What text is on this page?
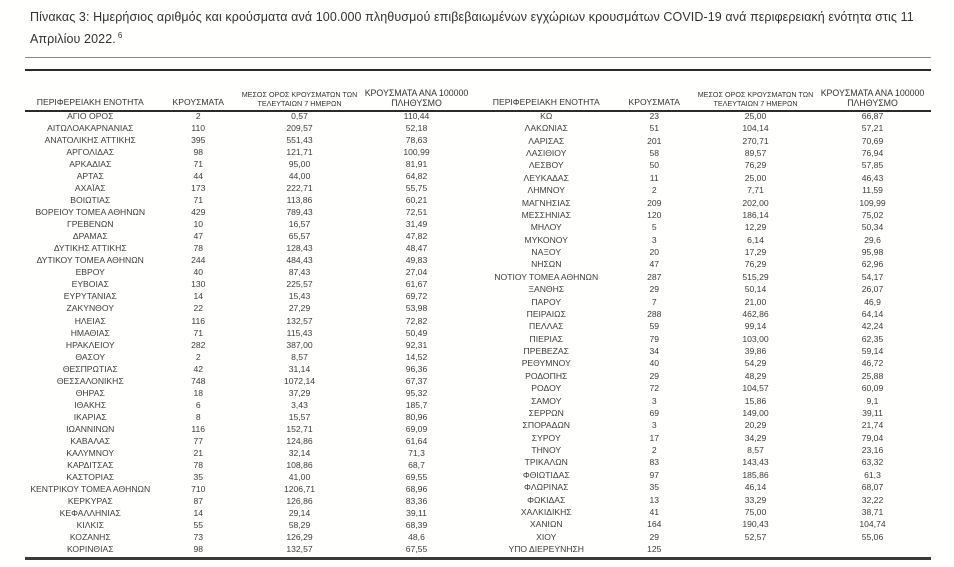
Πίνακας 3: Ημερήσιος αριθμός και κρούσματα ανά 100.000 πληθυσμού επιβεβαιωμένων εγχώριων κρουσμάτων COVID-19 ανά περιφερειακή ενότητα στις 11 Απριλίου 2022. $^6$
ΠΕΡΙΦΕΡΕΙΑΚΗ ΕΝΟΤΗΤΑ	ΚΡΟΥΣΜΑΤΑ	ΜΕΣΟΣ ΟΡΟΣ ΚΡΟΥΣΜΑΤΩΝ ΤΩΝ ΤΕΛΕΥΤΑΙΩΝ 7 ΗΜΕΡΩΝ	ΚΡΟΥΣΜΑΤΑ ΑΝΑ 100000 ΠΛΗΘΥΣΜΟ
ΑΓΙΟ ΟΡΟΣ	2	0,57	110,44
ΑΙΤΩΛΟΑΚΑΡΝΑΝΙΑΣ	110	209,57	52,18
ΑΝΑΤΟΛΙΚΗΣ ΑΤΤΙΚΗΣ	395	551,43	78,63
ΑΡΓΟΛΙΔΑΣ	98	121,71	100,99
ΑΡΚΑΔΙΑΣ	71	95,00	81,91
ΑΡΤΑΣ	44	44,00	64,82
ΑΧΑΪΑΣ	173	222,71	55,75
ΒΟΙΩΤΙΑΣ	71	113,86	60,21
ΒΟΡΕΙΟΥ ΤΟΜΕΑ ΑΘΗΝΩΝ	429	789,43	72,51
ΓΡΕΒΕΝΩΝ	10	16,57	31,49
ΔΡΑΜΑΣ	47	65,57	47,82
ΔΥΤΙΚΗΣ ΑΤΤΙΚΗΣ	78	128,43	48,47
ΔΥΤΙΚΟΥ ΤΟΜΕΑ ΑΘΗΝΩΝ	244	484,43	49,83
ΕΒΡΟΥ	40	87,43	27,04
ΕΥΒΟΙΑΣ	130	225,57	61,67
ΕΥΡΥΤΑΝΙΑΣ	14	15,43	69,72
ΖΑΚΥΝΘΟΥ	22	27,29	53,98
ΗΛΕΙΑΣ	116	132,57	72,82
ΗΜΑΘΙΑΣ	71	115,43	50,49
ΗΡΑΚΛΕΙΟΥ	282	387,00	92,31
ΘΑΣΟΥ	2	8,57	14,52
ΘΕΣΠΡΩΤΙΑΣ	42	31,14	96,36
ΘΕΣΣΑΛΟΝΙΚΗΣ	748	1072,14	67,37
ΘΗΡΑΣ	18	37,29	95,32
ΙΘΑΚΗΣ	6	3,43	185,7
ΙΚΑΡΙΑΣ	8	15,57	80,96
ΙΩΑΝΝΙΝΩΝ	116	152,71	69,09
ΚΑΒΑΛΑΣ	77	124,86	61,64
ΚΑΛΥΜΝΟΥ	21	32,14	71,3
ΚΑΡΔΙΤΣΑΣ	78	108,86	68,7
ΚΑΣΤΟΡΙΑΣ	35	41,00	69,55
ΚΕΝΤΡΙΚΟΥ ΤΟΜΕΑ ΑΘΗΝΩΝ	710	1206,71	68,96
ΚΕΡΚΥΡΑΣ	87	126,86	83,36
ΚΕΦΑΛΛΗΝΙΑΣ	14	29,14	39,11
ΚΙΛΚΙΣ	55	58,29	68,39
ΚΟΖΑΝΗΣ	73	126,29	48,6
ΚΟΡΙΝΘΙΑΣ	98	132,57	67,55
ΠΕΡΙΦΕΡΕΙΑΚΗ ΕΝΟΤΗΤΑ	ΚΡΟΥΣΜΑΤΑ	ΜΕΣΟΣ ΟΡΟΣ ΚΡΟΥΣΜΑΤΩΝ ΤΩΝ ΤΕΛΕΥΤΑΙΩΝ 7 ΗΜΕΡΩΝ	ΚΡΟΥΣΜΑΤΑ ΑΝΑ 100000 ΠΛΗΘΥΣΜΟ
ΚΩ	23	25,00	66,87
ΛΑΚΩΝΙΑΣ	51	104,14	57,21
ΛΑΡΙΣΑΣ	201	270,71	70,69
ΛΑΣΙΘΙΟΥ	58	89,57	76,94
ΛΕΣΒΟΥ	50	76,29	57,85
ΛΕΥΚΑΔΑΣ	11	25,00	46,43
ΛΗΜΝΟΥ	2	7,71	11,59
ΜΑΓΝΗΣΙΑΣ	209	202,00	109,99
ΜΕΣΣΗΝΙΑΣ	120	186,14	75,02
ΜΗΛΟΥ	5	12,29	50,34
ΜΥΚΟΝΟΥ	3	6,14	29,6
ΝΑΞΟΥ	20	17,29	95,98
ΝΗΣΩΝ	47	76,29	62,96
ΝΟΤΙΟΥ ΤΟΜΕΑ ΑΘΗΝΩΝ	287	515,29	54,17
ΞΑΝΘΗΣ	29	50,14	26,07
ΠΑΡΟΥ	7	21,00	46,9
ΠΕΙΡΑΙΩΣ	288	462,86	64,14
ΠΕΛΛΑΣ	59	99,14	42,24
ΠΙΕΡΙΑΣ	79	103,00	62,35
ΠΡΕΒΕΖΑΣ	34	39,86	59,14
ΡΕΘΥΜΝΟΥ	40	54,29	46,72
ΡΟΔΟΠΗΣ	29	48,29	25,88
ΡΟΔΟΥ	72	104,57	60,09
ΣΑΜΟΥ	3	15,86	9,1
ΣΕΡΡΩΝ	69	149,00	39,11
ΣΠΟΡΑΔΩΝ	3	20,29	21,74
ΣΥΡΟΥ	17	34,29	79,04
ΤΗΝΟΥ	2	8,57	23,16
ΤΡΙΚΑΛΩΝ	83	143,43	63,32
ΦΘΙΩΤΙΔΑΣ	97	185,86	61,3
ΦΛΩΡΙΝΑΣ	35	46,14	68,07
ΦΩΚΙΔΑΣ	13	33,29	32,22
ΧΑΛΚΙΔΙΚΗΣ	41	75,00	38,71
ΧΑΝΙΩΝ	164	190,43	104,74
ΧΙΟΥ	29	52,57	55,06
ΥΠΟ ΔΙΕΡΕΥΝΗΣΗ	125		
